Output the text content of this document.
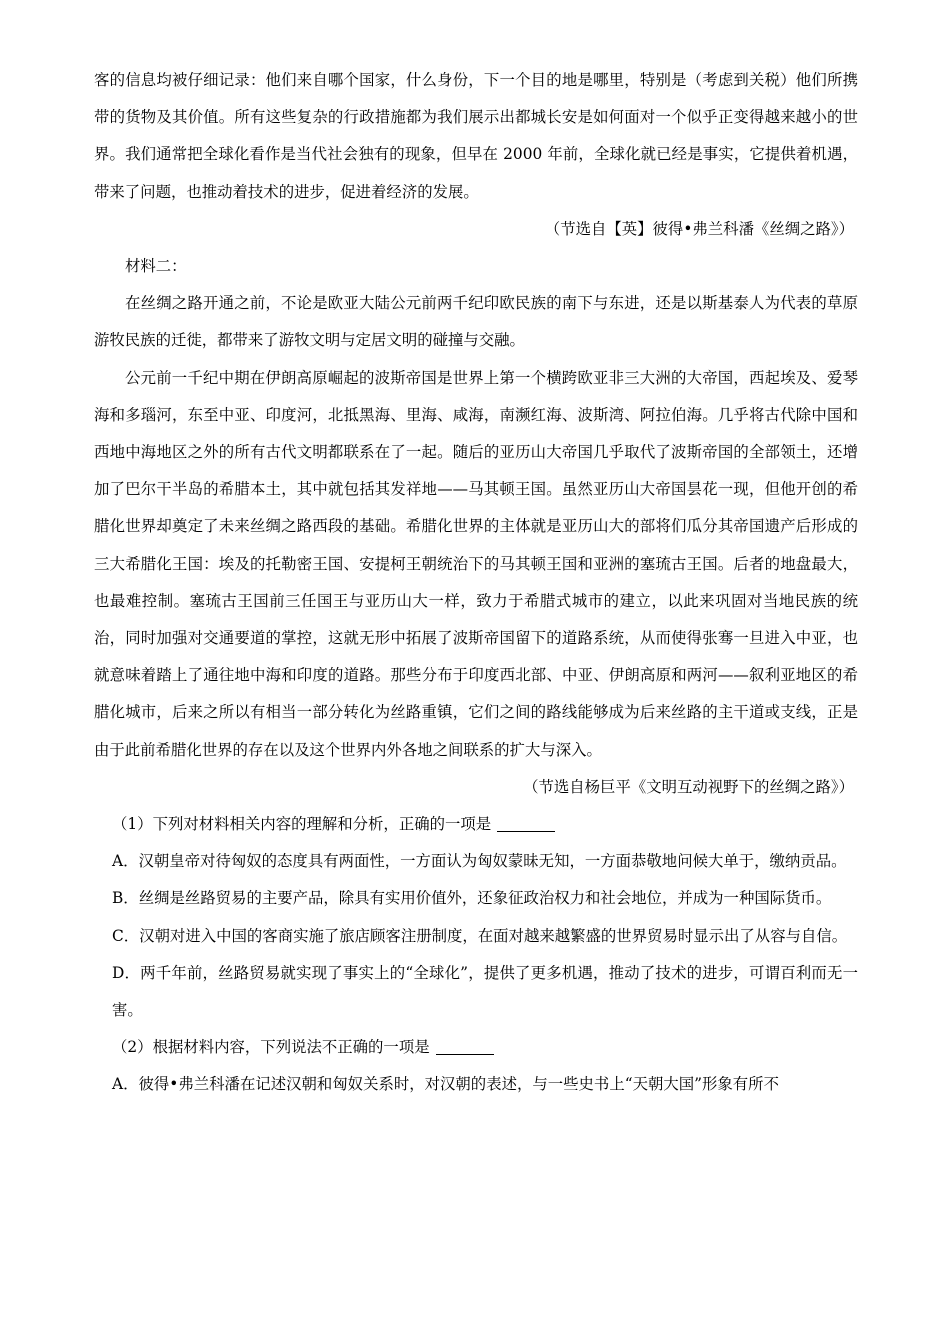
客的信息均被仔细记录：他们来自哪个国家，什么身份，下一个目的地是哪里，特别是（考虑到关税）他们所携带的货物及其价值。所有这些复杂的行政措施都为我们展示出都城长安是如何面对一个似乎正变得越来越小的世界。我们通常把全球化看作是当代社会独有的现象，但早在 2000 年前，全球化就已经是事实，它提供着机遇，带来了问题，也推动着技术的进步，促进着经济的发展。

（节选自【英】彼得•弗兰科潘《丝绸之路》）

材料二：

在丝绸之路开通之前，不论是欧亚大陆公元前两千纪印欧民族的南下与东进，还是以斯基泰人为代表的草原游牧民族的迁徙，都带来了游牧文明与定居文明的碰撞与交融。

公元前一千纪中期在伊朗高原崛起的波斯帝国是世界上第一个横跨欧亚非三大洲的大帝国，西起埃及、爱琴海和多瑙河，东至中亚、印度河，北抵黑海、里海、咸海，南濒红海、波斯湾、阿拉伯海。几乎将古代除中国和西地中海地区之外的所有古代文明都联系在了一起。随后的亚历山大帝国几乎取代了波斯帝国的全部领土，还增加了巴尔干半岛的希腊本土，其中就包括其发祥地——马其顿王国。虽然亚历山大帝国昙花一现，但他开创的希腊化世界却奠定了未来丝绸之路西段的基础。希腊化世界的主体就是亚历山大的部将们瓜分其帝国遗产后形成的三大希腊化王国：埃及的托勒密王国、安提柯王朝统治下的马其顿王国和亚洲的塞琉古王国。后者的地盘最大，也最难控制。塞琉古王国前三任国王与亚历山大一样，致力于希腊式城市的建立，以此来巩固对当地民族的统治，同时加强对交通要道的掌控，这就无形中拓展了波斯帝国留下的道路系统，从而使得张骞一旦进入中亚，也就意味着踏上了通往地中海和印度的道路。那些分布于印度西北部、中亚、伊朗高原和两河——叙利亚地区的希腊化城市，后来之所以有相当一部分转化为丝路重镇，它们之间的路线能够成为后来丝路的主干道或支线，正是由于此前希腊化世界的存在以及这个世界内外各地之间联系的扩大与深入。

（节选自杨巨平《文明互动视野下的丝绸之路》）

（1）下列对材料相关内容的理解和分析，正确的一项是

A．汉朝皇帝对待匈奴的态度具有两面性，一方面认为匈奴蒙昧无知，一方面恭敬地问候大单于，缴纳贡品。

B．丝绸是丝路贸易的主要产品，除具有实用价值外，还象征政治权力和社会地位，并成为一种国际货币。

C．汉朝对进入中国的客商实施了旅店顾客注册制度，在面对越来越繁盛的世界贸易时显示出了从容与自信。

D．两千年前，丝路贸易就实现了事实上的“全球化”，提供了更多机遇，推动了技术的进步，可谓百利而无一害。

（2）根据材料内容，下列说法不正确的一项是

A．彼得•弗兰科潘在记述汉朝和匈奴关系时，对汉朝的表述，与一些史书上“天朝大国”形象有所不
